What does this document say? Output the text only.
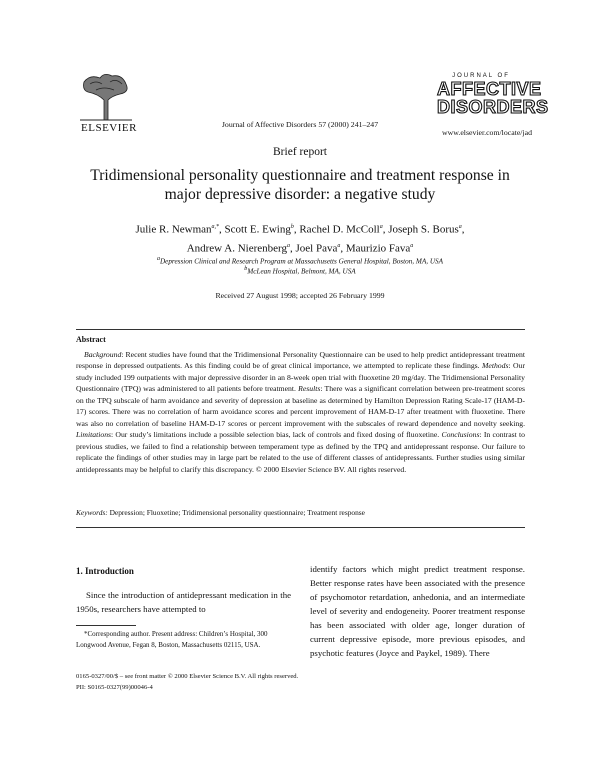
ELSEVIER	Journal of Affective Disorders 57 (2000) 241–247
JOURNAL OF
AFFECTIVE
DISORDERS
www.elsevier.com/locate/jad
Brief report
Tridimensional personality questionnaire and treatment response in major depressive disorder: a negative study
Julie R. Newman$^{a,*}$, Scott E. Ewing$^b$, Rachel D. McColl$^a$, Joseph S. Borus$^a$,
Andrew A. Nierenberg$^a$, Joel Pava$^a$, Maurizio Fava$^a$
$^a$Depression Clinical and Research Program at Massachusetts General Hospital, Boston, MA, USA
$^b$McLean Hospital, Belmont, MA, USA
Received 27 August 1998; accepted 26 February 1999
Abstract

Background: Recent studies have found that the Tridimensional Personality Questionnaire can be used to help predict antidepressant treatment response in depressed outpatients. As this finding could be of great clinical importance, we attempted to replicate these findings. Methods: Our study included 199 outpatients with major depressive disorder in an 8-week open trial with fluoxetine 20 mg/day. The Tridimensional Personality Questionnaire (TPQ) was administered to all patients before treatment. Results: There was a significant correlation between pre-treatment scores on the TPQ subscale of harm avoidance and severity of depression at baseline as determined by Hamilton Depression Rating Scale-17 (HAM-D-17) scores. There was no correlation of harm avoidance scores and percent improvement of HAM-D-17 after treatment with fluoxetine. There was also no correlation of baseline HAM-D-17 scores or percent improvement with the subscales of reward dependence and novelty seeking. Limitations: Our study’s limitations include a possible selection bias, lack of controls and fixed dosing of fluoxetine. Conclusions: In contrast to previous studies, we failed to find a relationship between temperament type as defined by the TPQ and antidepressant response. Our failure to replicate the findings of other studies may in large part be related to the use of different classes of antidepressants. Further studies using similar antidepressants may be helpful to clarify this discrepancy. © 2000 Elsevier Science BV. All rights reserved.

Keywords: Depression; Fluoxetine; Tridimensional personality questionnaire; Treatment response
1. Introduction
Since the introduction of antidepressant medication in the 1950s, researchers have attempted to
identify factors which might predict treatment response. Better response rates have been associated with the presence of psychomotor retardation, anhedonia, and an intermediate level of severity and endogeneity. Poorer treatment response has been associated with older age, longer duration of current depressive episode, more previous episodes, and psychotic features (Joyce and Paykel, 1989). There
*Corresponding author. Present address: Children’s Hospital, 300 Longwood Avenue, Fegan 8, Boston, Massachusetts 02115, USA.
0165-0327/00/$ – see front matter © 2000 Elsevier Science B.V. All rights reserved.
PII: S0165-0327(99)00046-4
